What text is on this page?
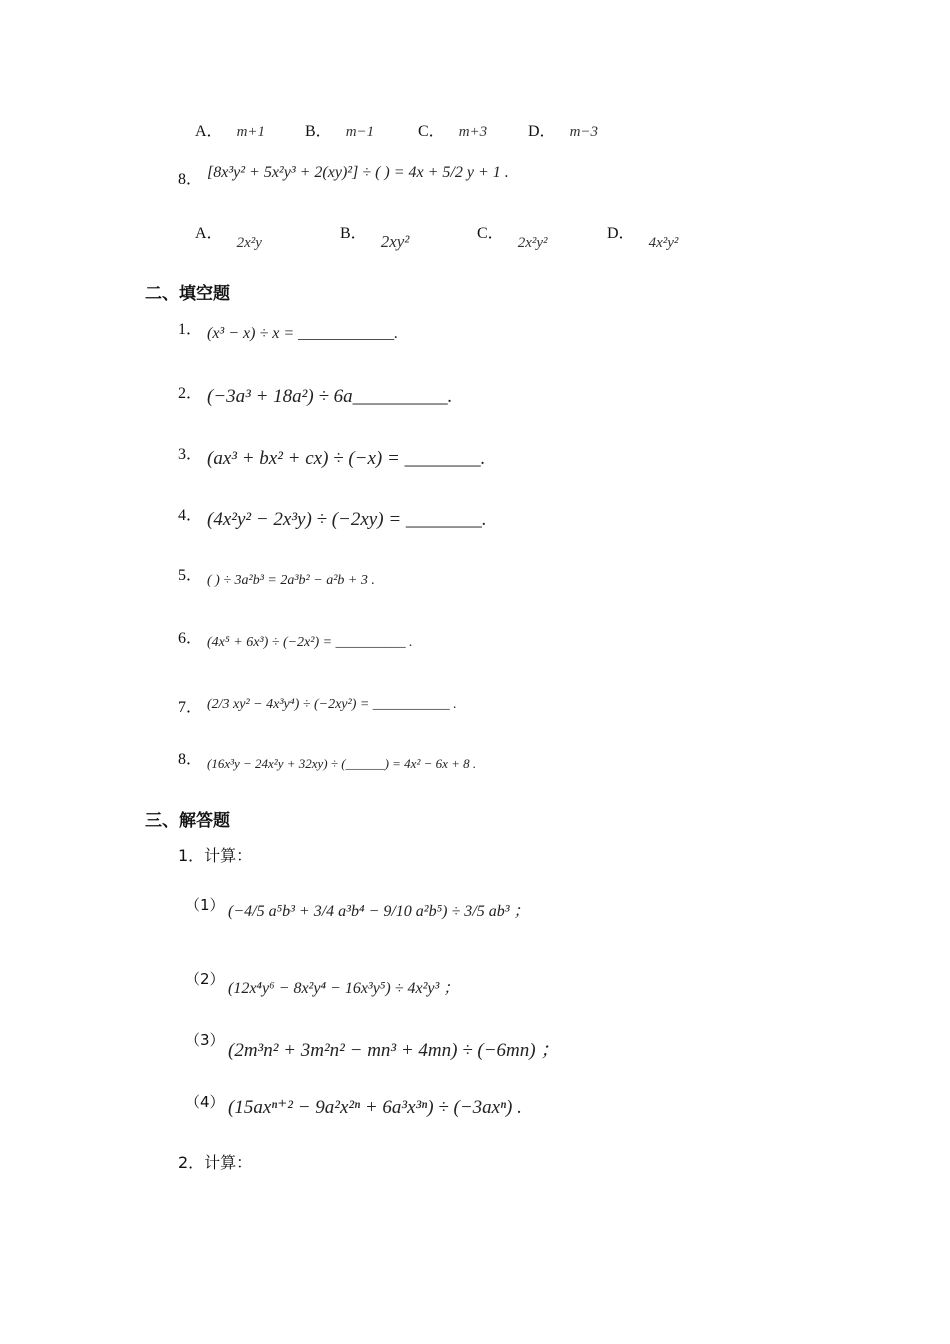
A． m+1 B． m−1	C． m+3	D． m−3
8． [8x³y² + 5x²y³ + 2(xy)²] ÷ ( ) = 4x + 5/2 y + 1 .
A．2x²y
B． 2xy²	C．2x²y²
D．4x²y²
二、填空题
1． (x³ − x) ÷ x = ____________.
2． (−3a³ + 18a²) ÷ 6a__________.
3． (ax³ + bx² + cx) ÷ (−x) = ________.
4． (4x²y² − 2x³y) ÷ (−2xy) = ________.
5． ( ) ÷ 3a²b³ = 2a³b² − a²b + 3 .
6． (4x⁵ + 6x³) ÷ (−2x²) = __________ .
7． (2/3 xy² − 4x³y⁴) ÷ (−2xy²) = ___________ .
8． (16x³y − 24x²y + 32xy) ÷ (______) = 4x² − 6x + 8 .
三、解答题
1．计算：
（1） (−4/5 a⁵b³ + 3/4 a³b⁴ − 9/10 a²b⁵) ÷ 3/5 ab³ ；
（2）
(12x⁴y⁶ − 8x²y⁴ − 16x³y⁵) ÷ 4x²y³ ；
（3） (2m³n² + 3m²n² − mn³ + 4mn) ÷ (−6mn) ；
（4） (15axⁿ⁺² − 9a²x²ⁿ + 6a³x³ⁿ) ÷ (−3axⁿ) .
2．计算：
